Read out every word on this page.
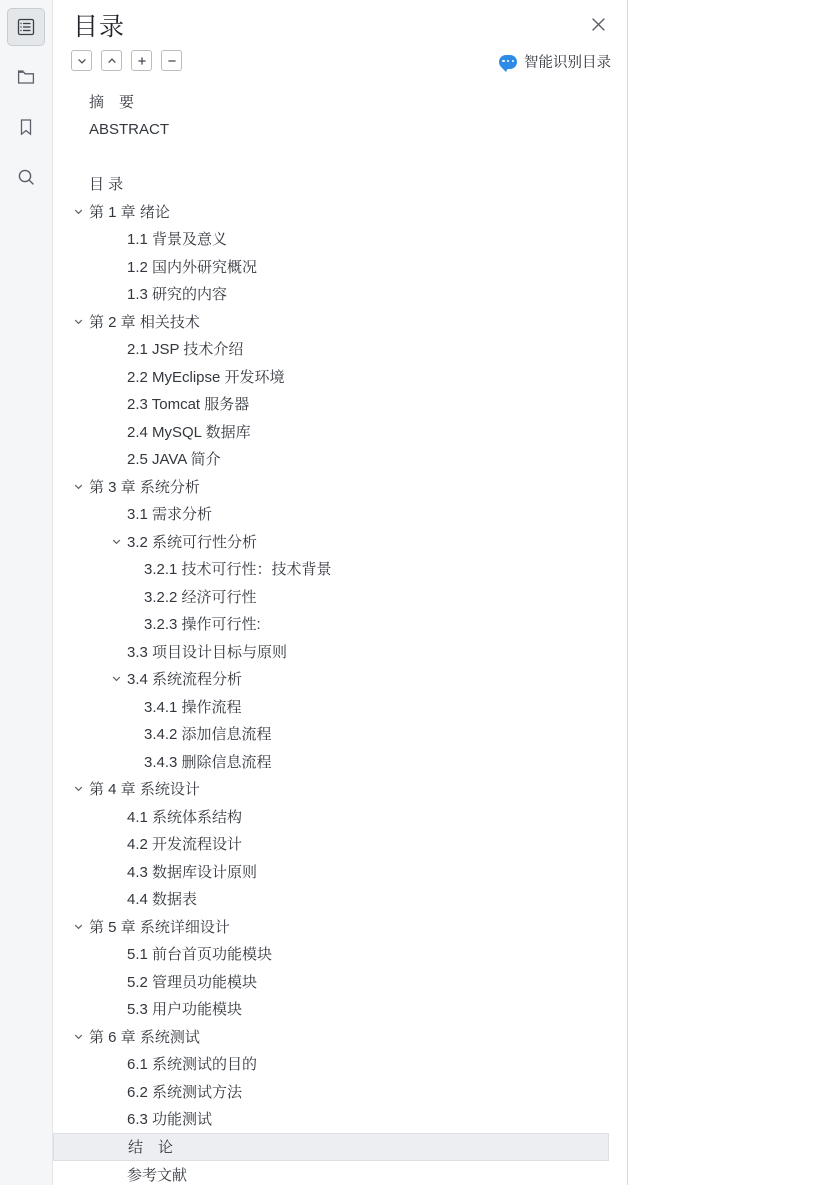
目录
智能识别目录
摘　要
ABSTRACT
目 录
第 1 章 绪论
1.1 背景及意义
1.2 国内外研究概况
1.3 研究的内容
第 2 章 相关技术
2.1 JSP 技术介绍
2.2 MyEclipse 开发环境
2.3 Tomcat 服务器
2.4 MySQL 数据库
2.5 JAVA 简介
第 3 章 系统分析
3.1 需求分析
3.2 系统可行性分析
3.2.1 技术可行性：技术背景
3.2.2 经济可行性
3.2.3 操作可行性:
3.3 项目设计目标与原则
3.4 系统流程分析
3.4.1 操作流程
3.4.2 添加信息流程
3.4.3 删除信息流程
第 4 章 系统设计
4.1 系统体系结构
4.2 开发流程设计
4.3 数据库设计原则
4.4 数据表
第 5 章 系统详细设计
5.1 前台首页功能模块
5.2 管理员功能模块
5.3 用户功能模块
第 6 章 系统测试
6.1 系统测试的目的
6.2 系统测试方法
6.3 功能测试
结　论
参考文献
